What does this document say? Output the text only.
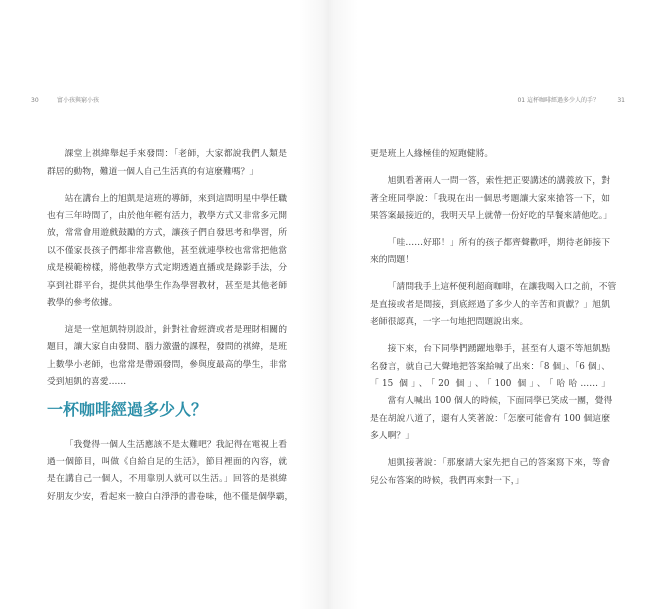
30	富小孩與窮小孩
課堂上祺緯舉起手來發問：「老師，大家都說我們人類是
群居的動物，難道一個人自己生活真的有這麼難嗎？」
站在講台上的旭凱是這班的導師，來到這間明星中學任職
也有三年時間了，由於他年輕有活力，教學方式又非常多元開
放，常常會用遊戲鼓勵的方式，讓孩子們自發思考和學習，所
以不僅家長孩子們都非常喜歡他，甚至就連學校也常常把他當
成是模範榜樣，將他教學方式定期透過直播或是錄影手法，分
享到社群平台，提供其他學生作為學習教材，甚至是其他老師
教學的參考依據。
這是一堂旭凱特別設計，針對社會經濟或者是理財相關的
題目，讓大家自由發問、腦力激盪的課程，發問的祺緯，是班
上數學小老師，也常常是帶頭發問，參與度最高的學生，非常
受到旭凱的喜愛……
一杯咖啡經過多少人？
「我覺得一個人生活應該不是太難吧？我記得在電視上看
過一個節目，叫做《自給自足的生活》，節目裡面的內容，就
是在講自己一個人，不用靠別人就可以生活。」回答的是祺緯
好朋友少安，看起來一臉白白淨淨的書卷味，他不僅是個學霸，
01 這杯咖啡經過多少人的手？	31
更是班上人緣極佳的短跑健將。
旭凱看著兩人一問一答，索性把正要講述的講義放下，對
著全班同學說：「我現在出一個思考題讓大家來搶答一下，如
果答案最接近的，我明天早上就帶一份好吃的早餐來請他吃。」
「哇……好耶！」所有的孩子都齊聲歡呼，期待老師接下
來的問題！
「請問我手上這杯便利超商咖啡，在讓我喝入口之前，不管
是直接或者是間接，到底經過了多少人的辛苦和貢獻？」旭凱
老師很認真，一字一句地把問題說出來。
接下來，台下同學們踴躍地舉手，甚至有人還不等旭凱點
名發言，就自己大聲地把答案給喊了出來：「8 個」、「6 個」、
「15 個」、「20 個」、「100 個」、「哈哈……」
當有人喊出 100 個人的時候，下面同學已笑成一團，覺得
是在胡說八道了，還有人笑著說：「怎麼可能會有 100 個這麼
多人啊？」
旭凱接著說：「那麼請大家先把自己的答案寫下來，等會
兒公布答案的時候，我們再來對一下，」
